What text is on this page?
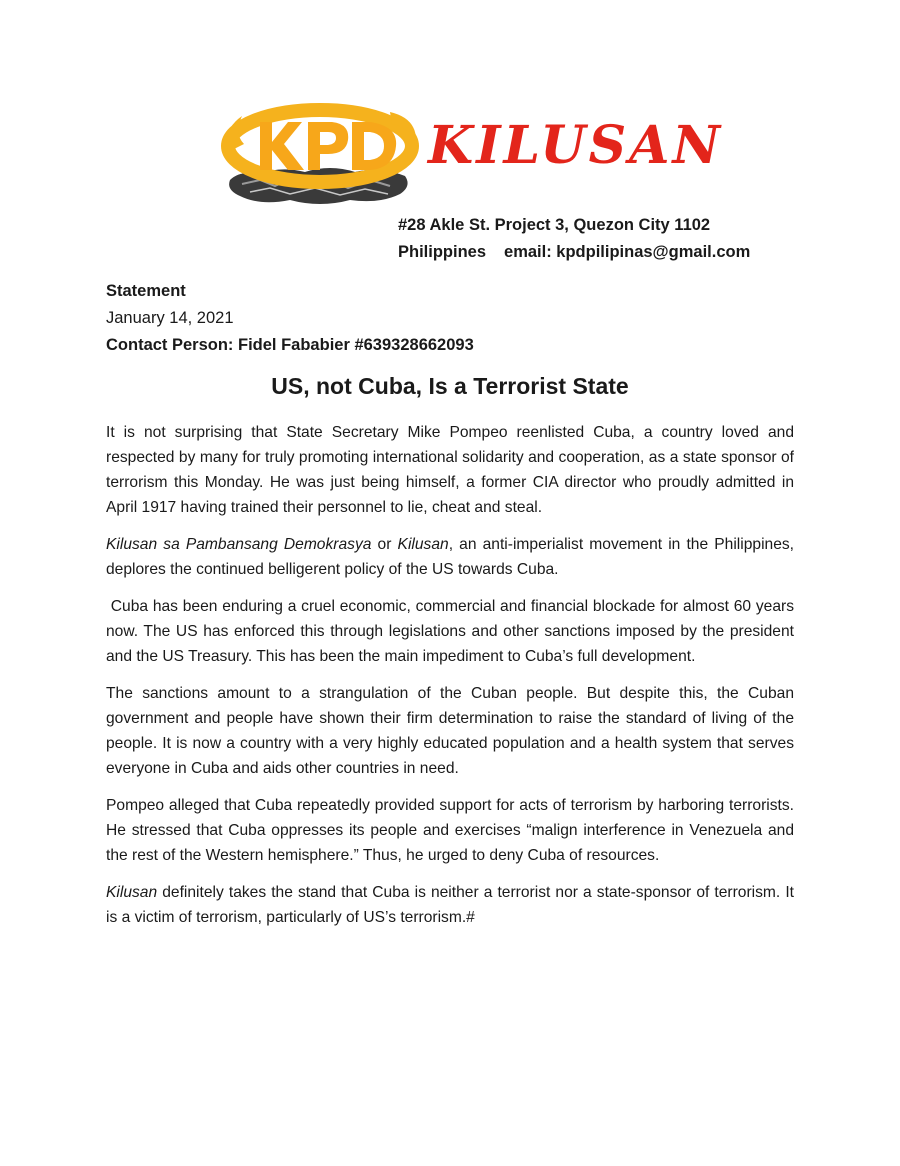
KILUSAN
#28 Akle St. Project 3, Quezon City 1102
Philippines email: kpdpilipinas@gmail.com
Statement
January 14, 2021
Contact Person: Fidel Fababier #639328662093
US, not Cuba, Is a Terrorist State

It is not surprising that State Secretary Mike Pompeo reenlisted Cuba, a country loved and respected by many for truly promoting international solidarity and cooperation, as a state sponsor of terrorism this Monday. He was just being himself, a former CIA director who proudly admitted in April 1917 having trained their personnel to lie, cheat and steal.

Kilusan sa Pambansang Demokrasya or Kilusan, an anti-imperialist movement in the Philippines, deplores the continued belligerent policy of the US towards Cuba.

Cuba has been enduring a cruel economic, commercial and financial blockade for almost 60 years now. The US has enforced this through legislations and other sanctions imposed by the president and the US Treasury. This has been the main impediment to Cuba’s full development.

The sanctions amount to a strangulation of the Cuban people. But despite this, the Cuban government and people have shown their firm determination to raise the standard of living of the people. It is now a country with a very highly educated population and a health system that serves everyone in Cuba and aids other countries in need.

Pompeo alleged that Cuba repeatedly provided support for acts of terrorism by harboring terrorists. He stressed that Cuba oppresses its people and exercises “malign interference in Venezuela and the rest of the Western hemisphere.” Thus, he urged to deny Cuba of resources.

Kilusan definitely takes the stand that Cuba is neither a terrorist nor a state-sponsor of terrorism. It is a victim of terrorism, particularly of US’s terrorism.#
